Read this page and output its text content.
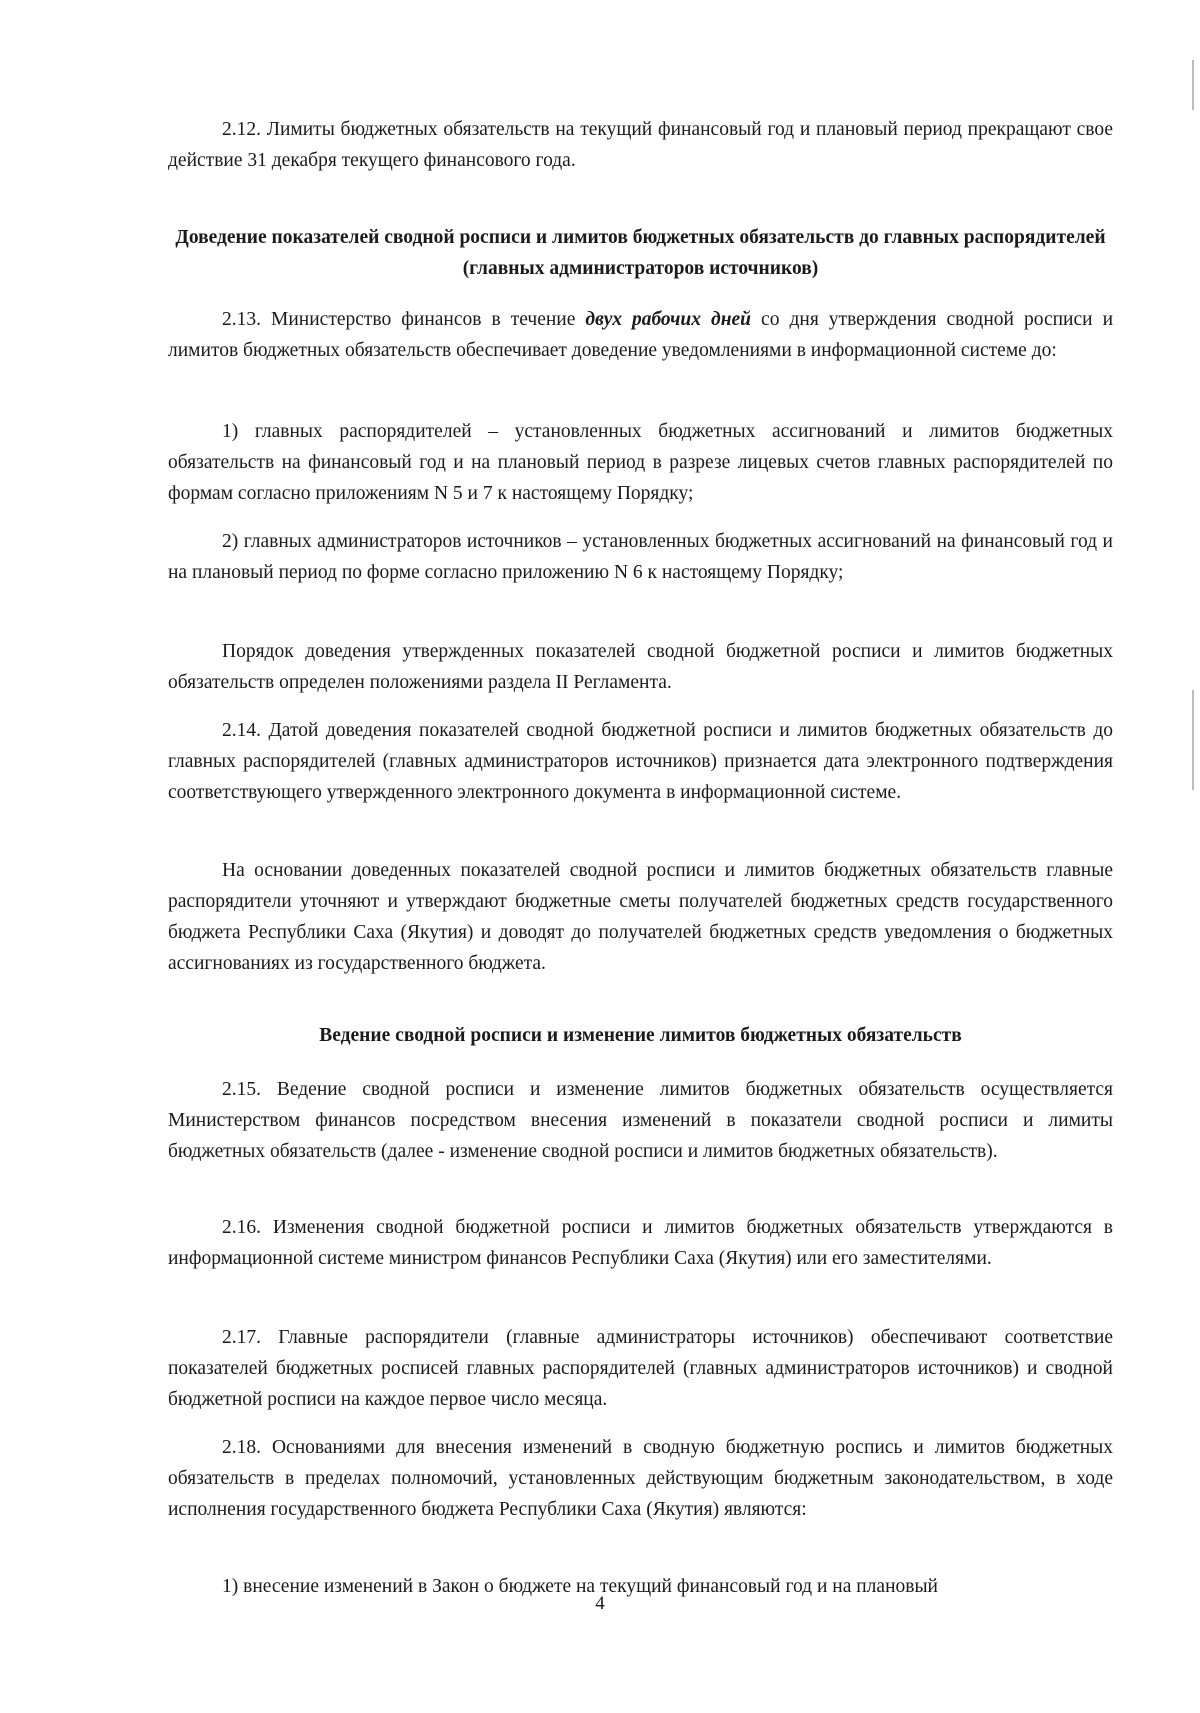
2.12. Лимиты бюджетных обязательств на текущий финансовый год и плановый период прекращают свое действие 31 декабря текущего финансового года.

Доведение показателей сводной росписи и лимитов бюджетных обязательств до главных распорядителей (главных администраторов источников)

2.13. Министерство финансов в течение двух рабочих дней со дня утверждения сводной росписи и лимитов бюджетных обязательств обеспечивает доведение уведомлениями в информационной системе до:

1) главных распорядителей – установленных бюджетных ассигнований и лимитов бюджетных обязательств на финансовый год и на плановый период в разрезе лицевых счетов главных распорядителей по формам согласно приложениям N 5 и 7 к настоящему Порядку;

2) главных администраторов источников – установленных бюджетных ассигнований на финансовый год и на плановый период по форме согласно приложению N 6 к настоящему Порядку;

Порядок доведения утвержденных показателей сводной бюджетной росписи и лимитов бюджетных обязательств определен положениями раздела II Регламента.

2.14. Датой доведения показателей сводной бюджетной росписи и лимитов бюджетных обязательств до главных распорядителей (главных администраторов источников) признается дата электронного подтверждения соответствующего утвержденного электронного документа в информационной системе.

На основании доведенных показателей сводной росписи и лимитов бюджетных обязательств главные распорядители уточняют и утверждают бюджетные сметы получателей бюджетных средств государственного бюджета Республики Саха (Якутия) и доводят до получателей бюджетных средств уведомления о бюджетных ассигнованиях из государственного бюджета.

Ведение сводной росписи и изменение лимитов бюджетных обязательств

2.15. Ведение сводной росписи и изменение лимитов бюджетных обязательств осуществляется Министерством финансов посредством внесения изменений в показатели сводной росписи и лимиты бюджетных обязательств (далее - изменение сводной росписи и лимитов бюджетных обязательств).

2.16. Изменения сводной бюджетной росписи и лимитов бюджетных обязательств утверждаются в информационной системе министром финансов Республики Саха (Якутия) или его заместителями.

2.17. Главные распорядители (главные администраторы источников) обеспечивают соответствие показателей бюджетных росписей главных распорядителей (главных администраторов источников) и сводной бюджетной росписи на каждое первое число месяца.

2.18. Основаниями для внесения изменений в сводную бюджетную роспись и лимитов бюджетных обязательств в пределах полномочий, установленных действующим бюджетным законодательством, в ходе исполнения государственного бюджета Республики Саха (Якутия) являются:

1) внесение изменений в Закон о бюджете на текущий финансовый год и на плановый

4
